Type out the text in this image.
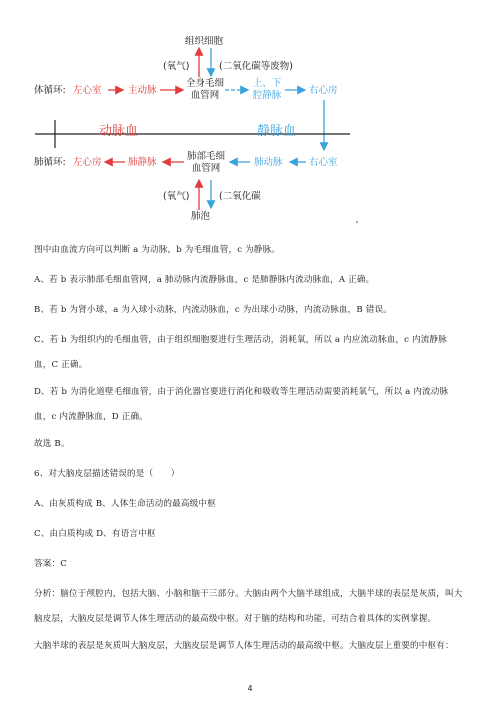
组织细胞
(氧气)	(二氧化碳等废物)
体循环: 左心室	主动脉
全身毛细
血管网
上、下
腔静脉	右心房
动脉血	静脉血
肺循环: 左心房	肺静脉
肺部毛细
血管网
肺动脉	右心室
(氧气)	(二氧化碳
肺泡
图中由血流方向可以判断 a 为动脉，b 为毛细血管，c 为静脉。
A、若 b 表示肺部毛细血管网，a 肺动脉内流静脉血，c 是肺静脉内流动脉血，A 正确。
B、若 b 为肾小球，a 为入球小动脉，内流动脉血，c 为出球小动脉，内流动脉血，B 错误。
C、若 b 为组织内的毛细血管，由于组织细胞要进行生理活动，消耗氧，所以 a 内应流动脉血，c 内流静脉血，C 正确。
D、若 b 为消化道壁毛细血管，由于消化器官要进行消化和吸收等生理活动需要消耗氧气，所以 a 内流动脉血，c 内流静脉血，D 正确。
故选 B。
6、对大脑皮层描述错误的是（　　）
A、由灰质构成 B、人体生命活动的最高级中枢
C、由白质构成 D、有语言中枢
答案：C
分析：脑位于颅腔内，包括大脑、小脑和脑干三部分。大脑由两个大脑半球组成，大脑半球的表层是灰质，叫大脑皮层，大脑皮层是调节人体生理活动的最高级中枢。对于脑的结构和功能，可结合着具体的实例掌握。
大脑半球的表层是灰质叫大脑皮层，大脑皮层是调节人体生理活动的最高级中枢。大脑皮层上重要的中枢有：
4
